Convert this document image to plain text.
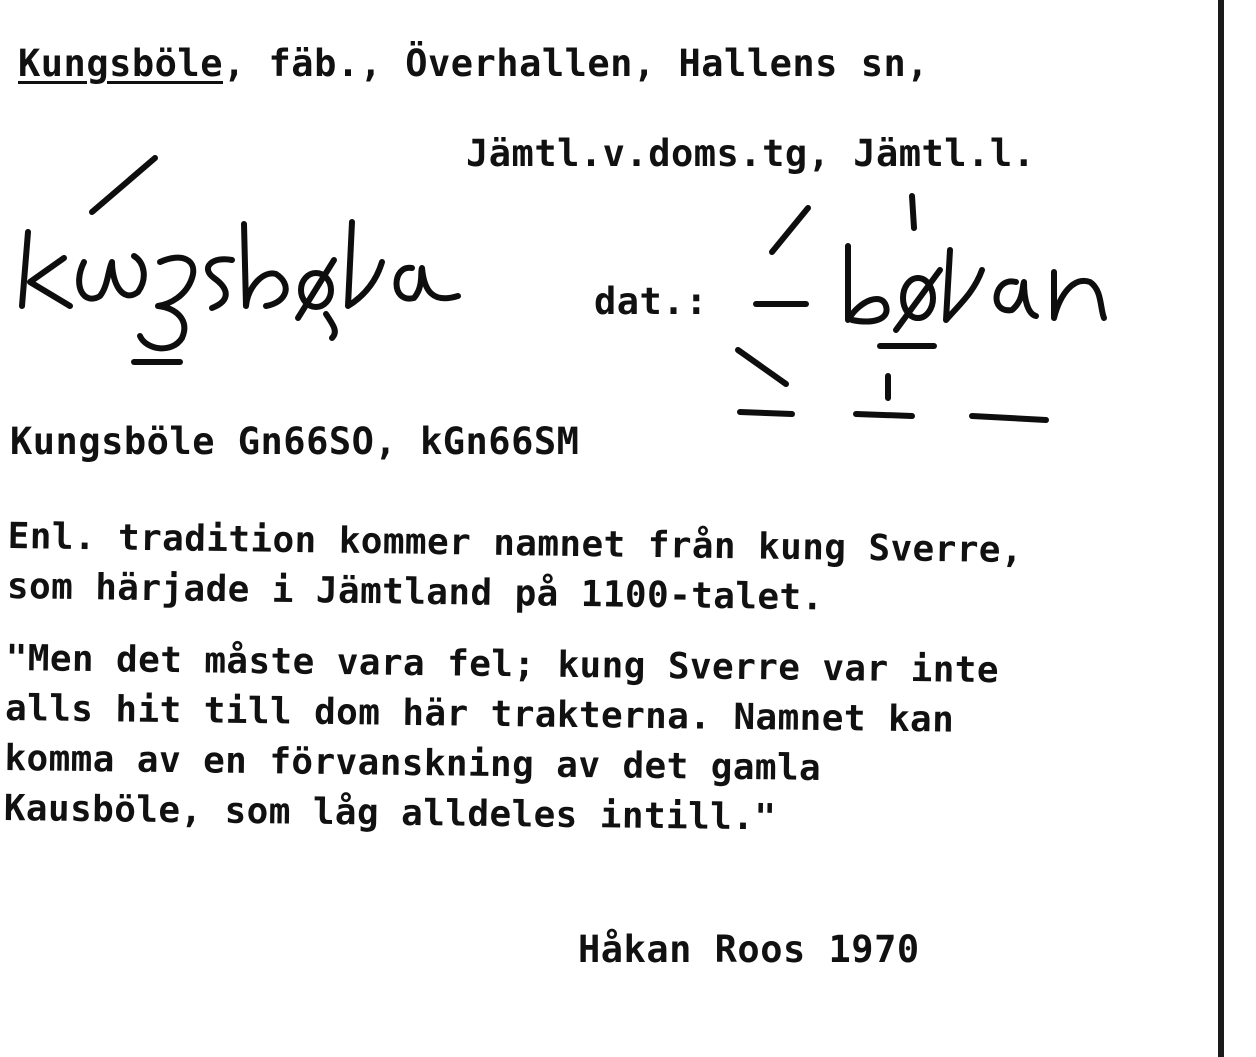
Kungsböle, fäb., Överhallen, Hallens sn,
Jämtl.v.doms.tg, Jämtl.l.
dat.:
Kungsböle Gn66SO, kGn66SM
Enl. tradition kommer namnet från kung Sverre,
som härjade i Jämtland på 1100-talet.
"Men det måste vara fel; kung Sverre var inte
alls hit till dom här trakterna. Namnet kan
komma av en förvanskning av det gamla
Kausböle, som låg alldeles intill."
Håkan Roos 1970
